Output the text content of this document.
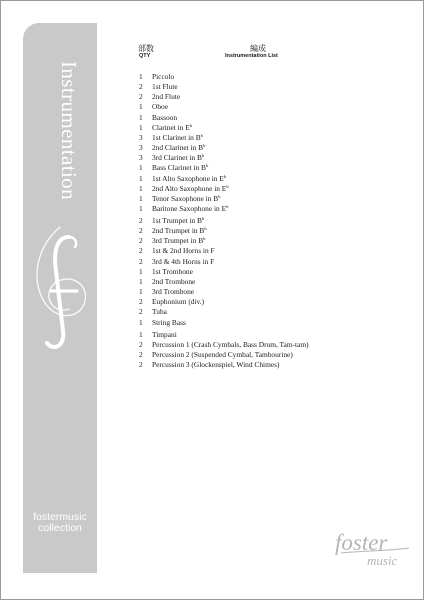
Instrumentation
fostermusic
collection
部数
QTY
編成
Instrumentation List
1 Piccolo
2 1st Flute
2 2nd Flute
1 Oboe
1 Bassoon
1 Clarinet in $E^b$
3 1st Clarinet in $B^b$
3 2nd Clarinet in $B^b$
3 3rd Clarinet in $B^b$
1 Bass Clarinet in $B^b$
1 1st Alto Saxophone in $E^b$
1 2nd Alto Saxophone in $E^b$
1 Tenor Saxophone in $B^b$
1 Baritone Saxophone in $E^b$
2 1st Trumpet in $B^b$
2 2nd Trumpet in $B^b$
2 3rd Trumpet in $B^b$
2 1st & 2nd Horns in F
2 3rd & 4th Horns in F
1 1st Trombone
1 2nd Trombone
1 3rd Trombone
2 Euphonium (div.)
2 Tuba
1 String Bass
1 Timpani
2 Percussion 1 (Crash Cymbals, Bass Drum, Tam-tam)
2 Percussion 2 (Suspended Cymbal, Tambourine)
2 Percussion 3 (Glockenspiel, Wind Chimes)
foster
music
